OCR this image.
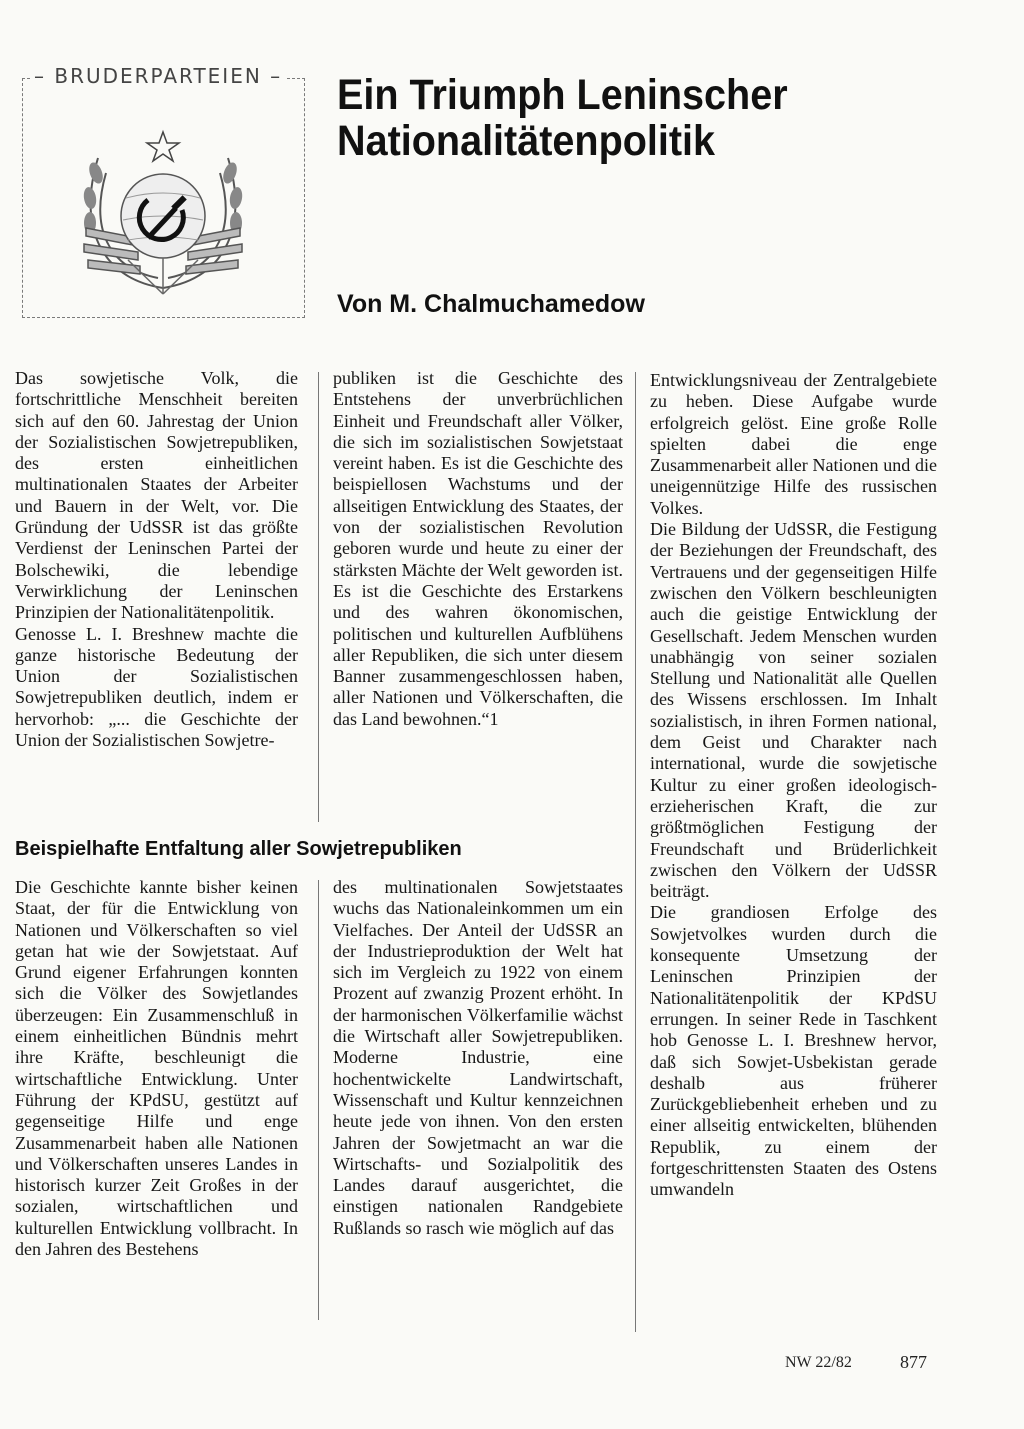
– BRUDERPARTEIEN – Ein Triumph Leninscher
Nationalitätenpolitik
Von M. Chalmuchamedow

Das sowjetische Volk, die fortschrittliche Menschheit bereiten sich auf den 60. Jahrestag der Union der Sozialistischen Sowjetrepubliken, des ersten einheitlichen multinationalen Staates der Arbeiter und Bauern in der Welt, vor. Die Gründung der UdSSR ist das größte Verdienst der Leninschen Partei der Bolschewiki, die lebendige Verwirklichung der Leninschen Prinzipien der Nationalitätenpolitik.

Genosse L. I. Breshnew machte die ganze historische Bedeutung der Union der Sozialistischen Sowjetrepubliken deutlich, indem er hervorhob: „... die Geschichte der Union der Sozialistischen Sowjetre-

publiken ist die Geschichte des Entstehens der unverbrüchlichen Einheit und Freundschaft aller Völker, die sich im sozialistischen Sowjetstaat vereint haben. Es ist die Geschichte des beispiellosen Wachstums und der allseitigen Entwicklung des Staates, der von der sozialistischen Revolution geboren wurde und heute zu einer der stärksten Mächte der Welt geworden ist. Es ist die Geschichte des Erstarkens und des wahren ökonomischen, politischen und kulturellen Aufblühens aller Republiken, die sich unter diesem Banner zusammengeschlossen haben, aller Nationen und Völkerschaften, die das Land bewohnen.“1

Entwicklungsniveau der Zentralgebiete zu heben. Diese Aufgabe wurde erfolgreich gelöst. Eine große Rolle spielten dabei die enge Zusammenarbeit aller Nationen und die uneigennützige Hilfe des russischen Volkes.

Die Bildung der UdSSR, die Festigung der Beziehungen der Freundschaft, des Vertrauens und der gegenseitigen Hilfe zwischen den Völkern beschleunigten auch die geistige Entwicklung der Gesellschaft. Jedem Menschen wurden unabhängig von seiner sozialen Stellung und Nationalität alle Quellen des Wissens erschlossen. Im Inhalt sozialistisch, in ihren Formen national, dem Geist und Charakter nach international, wurde die sowjetische Kultur zu einer großen ideologisch-erzieherischen Kraft, die zur größtmöglichen Festigung der Freundschaft und Brüderlichkeit zwischen den Völkern der UdSSR beiträgt.

Die grandiosen Erfolge des Sowjetvolkes wurden durch die konsequente Umsetzung der Leninschen Prinzipien der Nationalitätenpolitik der KPdSU errungen. In seiner Rede in Taschkent hob Genosse L. I. Breshnew hervor, daß sich Sowjet-Usbekistan gerade deshalb aus früherer Zurückgebliebenheit erheben und zu einer allseitig entwickelten, blühenden Republik, zu einem der fortgeschrittensten Staaten des Ostens umwandeln

Beispielhafte Entfaltung aller Sowjetrepubliken

Die Geschichte kannte bisher keinen Staat, der für die Entwicklung von Nationen und Völkerschaften so viel getan hat wie der Sowjetstaat. Auf Grund eigener Erfahrungen konnten sich die Völker des Sowjetlandes überzeugen: Ein Zusammenschluß in einem einheitlichen Bündnis mehrt ihre Kräfte, beschleunigt die wirtschaftliche Entwicklung. Unter Führung der KPdSU, gestützt auf gegenseitige Hilfe und enge Zusammenarbeit haben alle Nationen und Völkerschaften unseres Landes in historisch kurzer Zeit Großes in der sozialen, wirtschaftlichen und kulturellen Entwicklung vollbracht. In den Jahren des Bestehens

des multinationalen Sowjetstaates wuchs das Nationaleinkommen um ein Vielfaches. Der Anteil der UdSSR an der Industrieproduktion der Welt hat sich im Vergleich zu 1922 von einem Prozent auf zwanzig Prozent erhöht. In der harmonischen Völkerfamilie wächst die Wirtschaft aller Sowjetrepubliken. Moderne Industrie, eine hochentwickelte Landwirtschaft, Wissenschaft und Kultur kennzeichnen heute jede von ihnen. Von den ersten Jahren der Sowjetmacht an war die Wirtschafts- und Sozialpolitik des Landes darauf ausgerichtet, die einstigen nationalen Randgebiete Rußlands so rasch wie möglich auf das

NW 22/82	877
